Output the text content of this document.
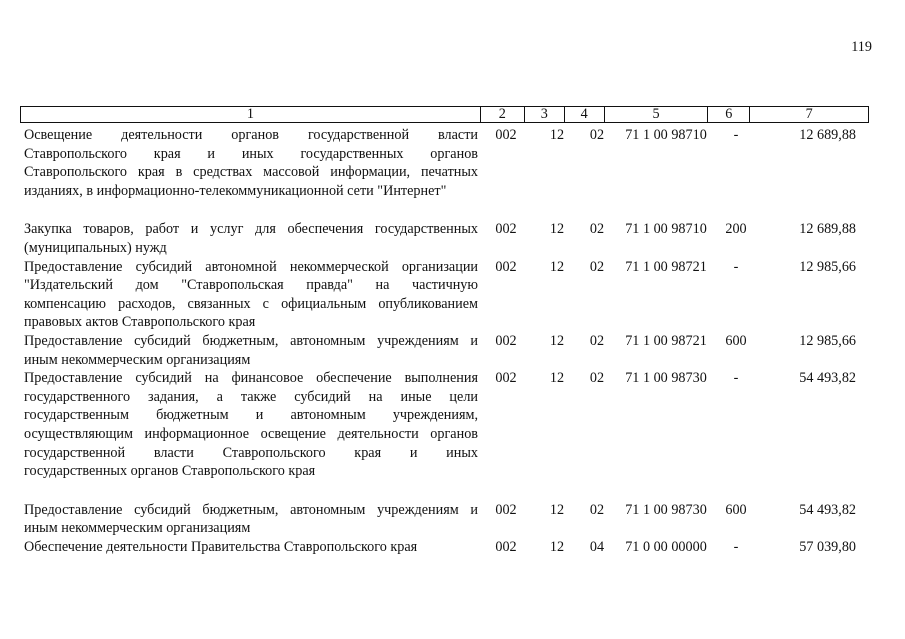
119
1	2	3	4	5	6	7
Освещение деятельности органов государственной власти
Ставропольского края и иных государственных органов
Ставропольского края в средствах массовой информации, печатных
изданиях, в информационно-телекоммуникационной сети "Интернет"
002	12	02	71 1 00 98710	-	12 689,88
Закупка товаров, работ и услуг для обеспечения государственных
(муниципальных) нужд
002	12	02	71 1 00 98710	200	12 689,88
Предоставление субсидий автономной некоммерческой организации
"Издательский дом "Ставропольская правда" на частичную
компенсацию расходов, связанных с официальным опубликованием
правовых актов Ставропольского края
002	12	02	71 1 00 98721	-	12 985,66
Предоставление субсидий бюджетным, автономным учреждениям и
иным некоммерческим организациям
002	12	02	71 1 00 98721	600	12 985,66
Предоставление субсидий на финансовое обеспечение выполнения
государственного задания, а также субсидий на иные цели
государственным бюджетным и автономным учреждениям,
осуществляющим информационное освещение деятельности органов
государственной власти Ставропольского края и иных
государственных органов Ставропольского края
002	12	02	71 1 00 98730	-	54 493,82
Предоставление субсидий бюджетным, автономным учреждениям и
иным некоммерческим организациям
002	12	02	71 1 00 98730	600	54 493,82
Обеспечение деятельности Правительства Ставропольского края	002	12	04	71 0 00 00000	-	57 039,80
